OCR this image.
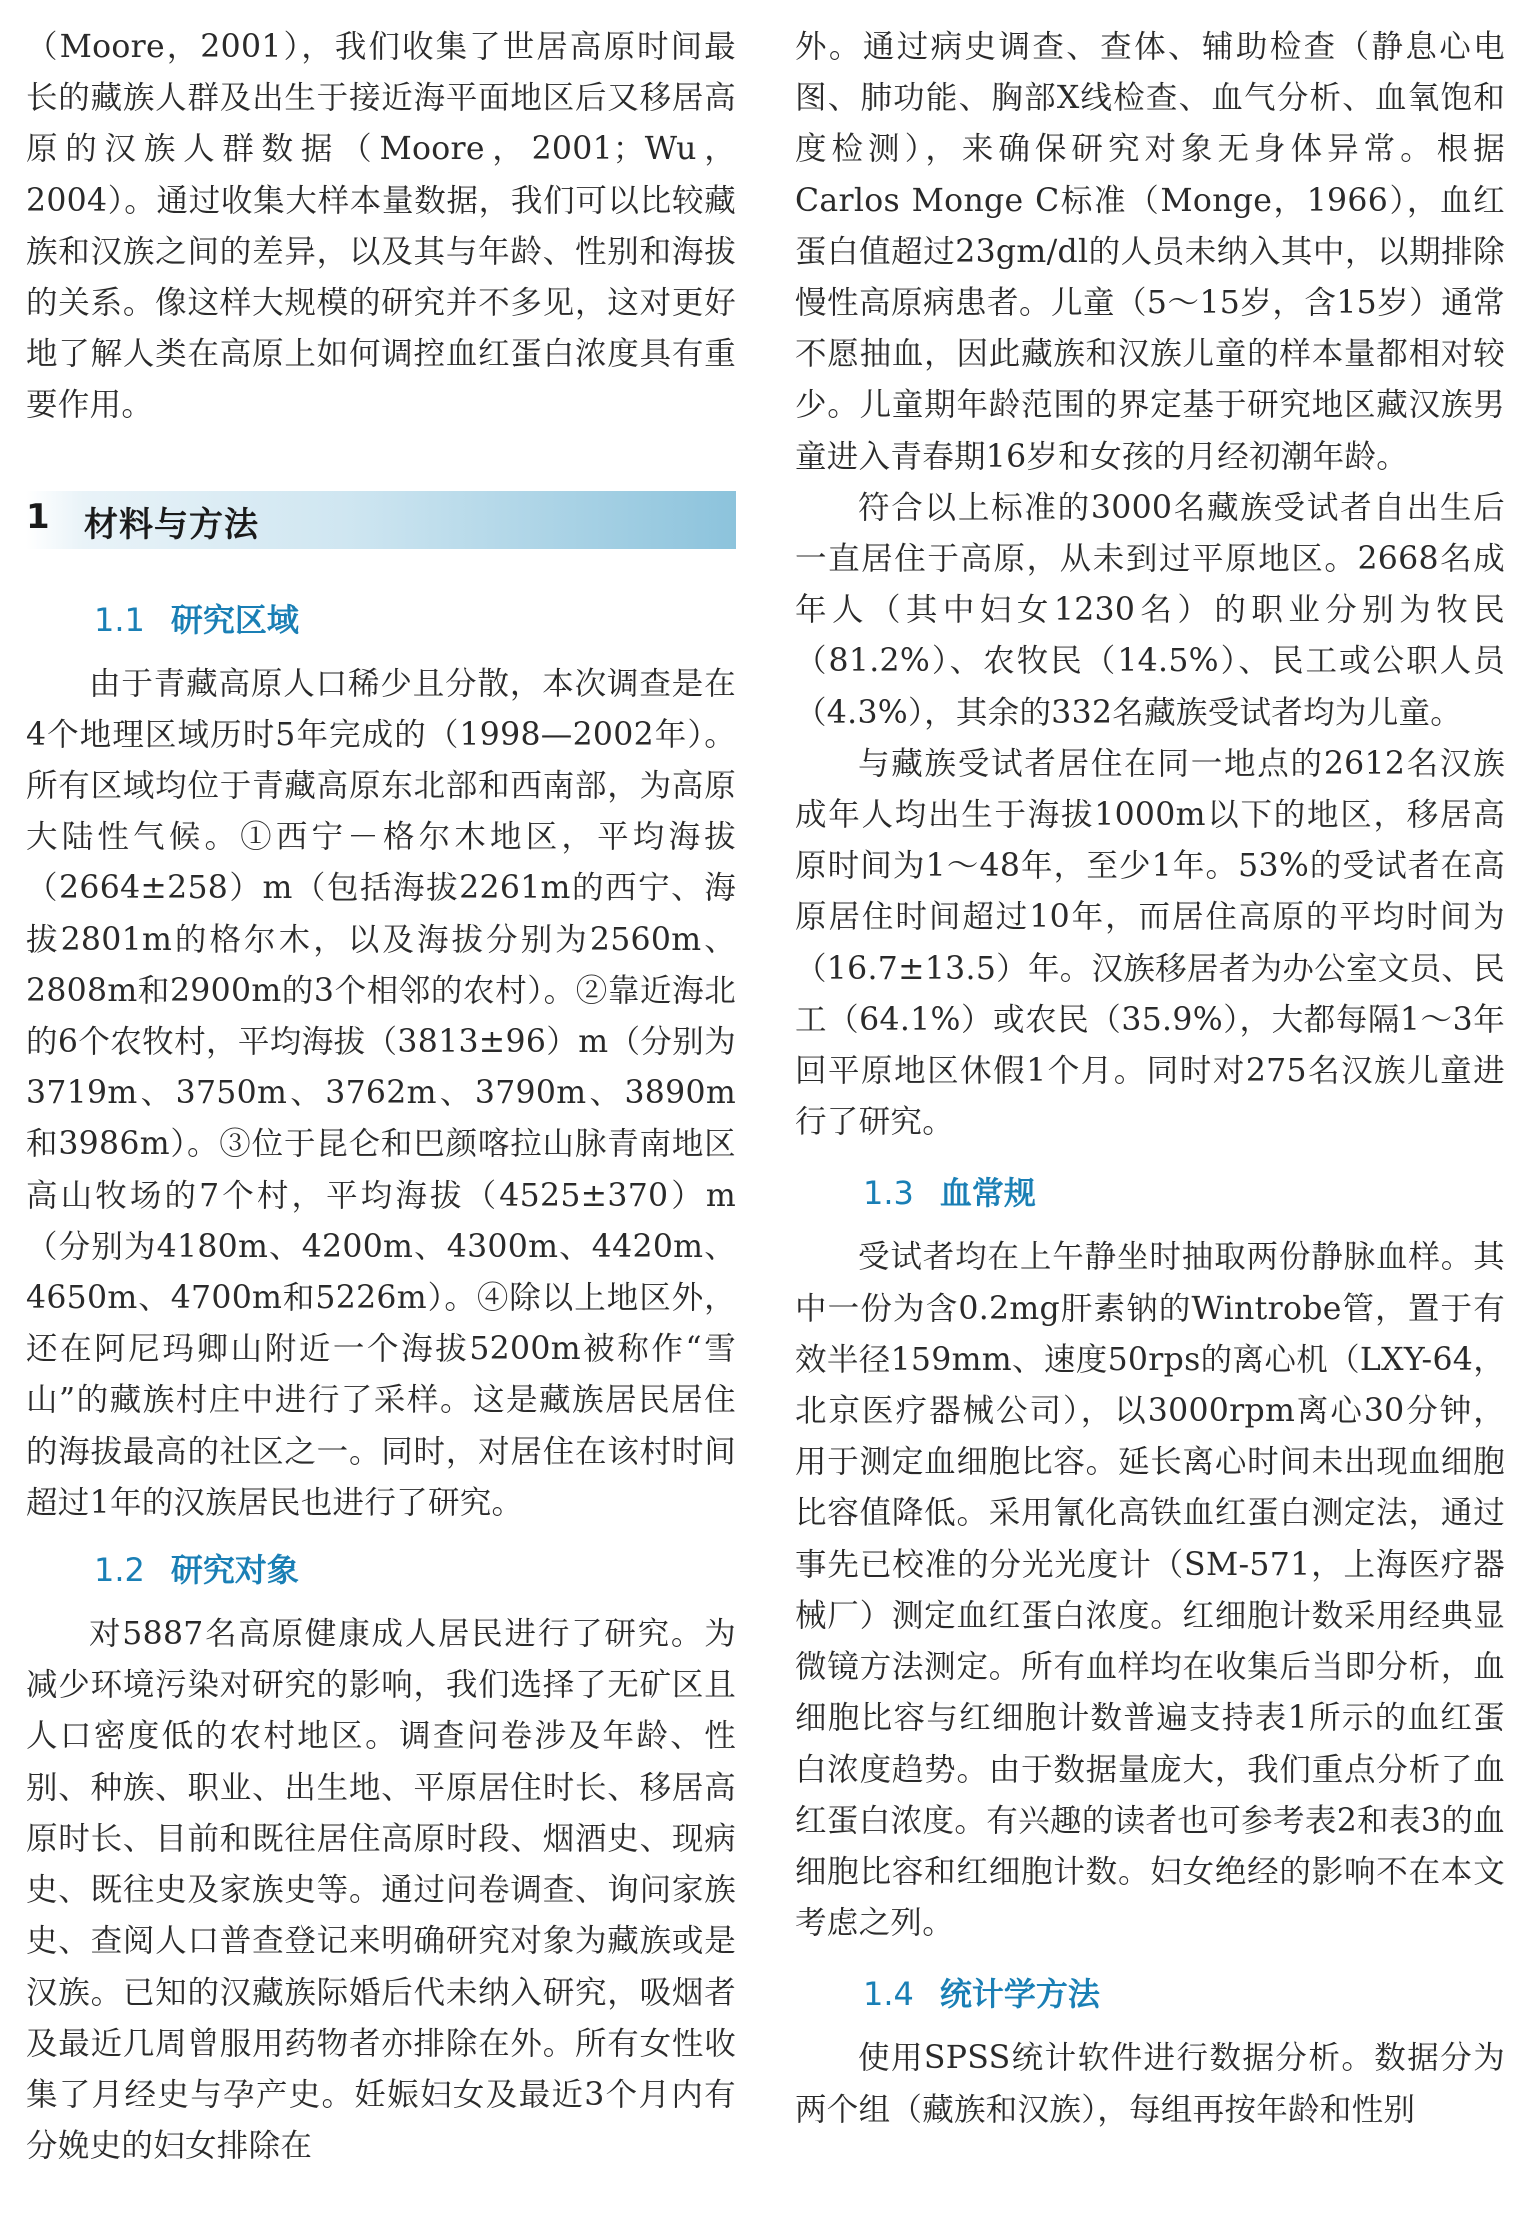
（Moore，2001），我们收集了世居高原时间最长的藏族人群及出生于接近海平面地区后又移居高原的汉族人群数据（Moore，2001；Wu，2004）。通过收集大样本量数据，我们可以比较藏族和汉族之间的差异，以及其与年龄、性别和海拔的关系。像这样大规模的研究并不多见，这对更好地了解人类在高原上如何调控血红蛋白浓度具有重要作用。

1 材料与方法
1.1 研究区域

由于青藏高原人口稀少且分散，本次调查是在4个地理区域历时5年完成的（1998—2002年）。所有区域均位于青藏高原东北部和西南部，为高原大陆性气候。①西宁－格尔木地区，平均海拔（2664±258）m（包括海拔2261m的西宁、海拔2801m的格尔木，以及海拔分别为2560m、2808m和2900m的3个相邻的农村）。②靠近海北的6个农牧村，平均海拔（3813±96）m（分别为3719m、3750m、3762m、3790m、3890m和3986m）。③位于昆仑和巴颜喀拉山脉青南地区高山牧场的7个村，平均海拔（4525±370）m（分别为4180m、4200m、4300m、4420m、4650m、4700m和5226m）。④除以上地区外，还在阿尼玛卿山附近一个海拔5200m被称作“雪山”的藏族村庄中进行了采样。这是藏族居民居住的海拔最高的社区之一。同时，对居住在该村时间超过1年的汉族居民也进行了研究。

1.2 研究对象

对5887名高原健康成人居民进行了研究。为减少环境污染对研究的影响，我们选择了无矿区且人口密度低的农村地区。调查问卷涉及年龄、性别、种族、职业、出生地、平原居住时长、移居高原时长、目前和既往居住高原时段、烟酒史、现病史、既往史及家族史等。通过问卷调查、询问家族史、查阅人口普查登记来明确研究对象为藏族或是汉族。已知的汉藏族际婚后代未纳入研究，吸烟者及最近几周曾服用药物者亦排除在外。所有女性收集了月经史与孕产史。妊娠妇女及最近3个月内有分娩史的妇女排除在

外。通过病史调查、查体、辅助检查（静息心电图、肺功能、胸部X线检查、血气分析、血氧饱和度检测），来确保研究对象无身体异常。根据Carlos Monge C标准（Monge，1966），血红蛋白值超过23gm/dl的人员未纳入其中，以期排除慢性高原病患者。儿童（5～15岁，含15岁）通常不愿抽血，因此藏族和汉族儿童的样本量都相对较少。儿童期年龄范围的界定基于研究地区藏汉族男童进入青春期16岁和女孩的月经初潮年龄。

符合以上标准的3000名藏族受试者自出生后一直居住于高原，从未到过平原地区。2668名成年人（其中妇女1230名）的职业分别为牧民（81.2%）、农牧民（14.5%）、民工或公职人员（4.3%），其余的332名藏族受试者均为儿童。

与藏族受试者居住在同一地点的2612名汉族成年人均出生于海拔1000m以下的地区，移居高原时间为1～48年，至少1年。53%的受试者在高原居住时间超过10年，而居住高原的平均时间为（16.7±13.5）年。汉族移居者为办公室文员、民工（64.1%）或农民（35.9%），大都每隔1～3年回平原地区休假1个月。同时对275名汉族儿童进行了研究。

1.3 血常规

受试者均在上午静坐时抽取两份静脉血样。其中一份为含0.2mg肝素钠的Wintrobe管，置于有效半径159mm、速度50rps的离心机（LXY-64，北京医疗器械公司），以3000rpm离心30分钟，用于测定血细胞比容。延长离心时间未出现血细胞比容值降低。采用氰化高铁血红蛋白测定法，通过事先已校准的分光光度计（SM-571，上海医疗器械厂）测定血红蛋白浓度。红细胞计数采用经典显微镜方法测定。所有血样均在收集后当即分析，血细胞比容与红细胞计数普遍支持表1所示的血红蛋白浓度趋势。由于数据量庞大，我们重点分析了血红蛋白浓度。有兴趣的读者也可参考表2和表3的血细胞比容和红细胞计数。妇女绝经的影响不在本文考虑之列。

1.4 统计学方法

使用SPSS统计软件进行数据分析。数据分为两个组（藏族和汉族），每组再按年龄和性别
